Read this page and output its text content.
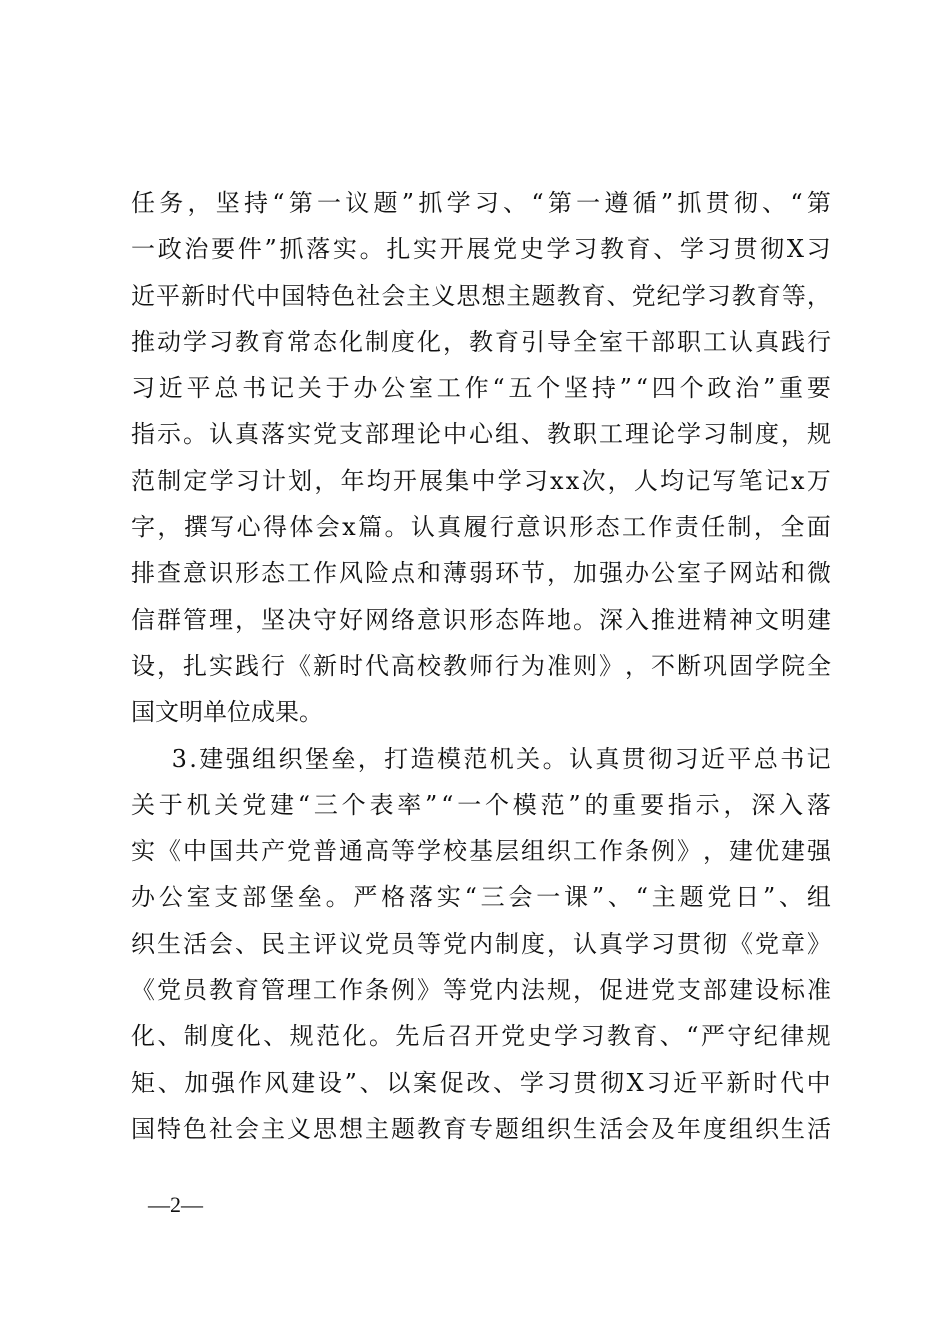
任 务 ， 坚 持 “ 第 一 议 题 ” 抓 学 习 、 “ 第 一 遵 循 ” 抓 贯 彻 、 “ 第
一 政 治 要 件 ” 抓 落 实 。 扎 实 开 展 党 史 学 习 教 育 、 学 习 贯 彻 X 习
近 平 新 时 代 中 国 特 色 社 会 主 义 思 想 主 题 教 育 、 党 纪 学 习 教 育 等 ，
推 动 学 习 教 育 常 态 化 制 度 化 ， 教 育 引 导 全 室 干 部 职 工 认 真 践 行
习 近 平 总 书 记 关 于 办 公 室 工 作 “ 五 个 坚 持 ” “ 四 个 政 治 ” 重 要
指 示 。 认 真 落 实 党 支 部 理 论 中 心 组 、 教 职 工 理 论 学 习 制 度 ， 规
范 制 定 学 习 计 划 ， 年 均 开 展 集 中 学 习 x x 次 ， 人 均 记 写 笔 记 x 万
字 ， 撰 写 心 得 体 会 x 篇 。 认 真 履 行 意 识 形 态 工 作 责 任 制 ， 全 面
排 查 意 识 形 态 工 作 风 险 点 和 薄 弱 环 节 ， 加 强 办 公 室 子 网 站 和 微
信 群 管 理 ， 坚 决 守 好 网 络 意 识 形 态 阵 地 。 深 入 推 进 精 神 文 明 建
设 ， 扎 实 践 行 《 新 时 代 高 校 教 师 行 为 准 则 》 ， 不 断 巩 固 学 院 全
国文明单位成果。

3 . 建 强 组 织 堡 垒 ， 打 造 模 范 机 关 。 认 真 贯 彻 习 近 平 总 书 记
关 于 机 关 党 建 “ 三 个 表 率 ” “ 一 个 模 范 ” 的 重 要 指 示 ， 深 入 落
实 《 中 国 共 产 党 普 通 高 等 学 校 基 层 组 织 工 作 条 例 》 ， 建 优 建 强
办 公 室 支 部 堡 垒 。 严 格 落 实 “ 三 会 一 课 ” 、 “ 主 题 党 日 ” 、 组
织 生 活 会 、 民 主 评 议 党 员 等 党 内 制 度 ， 认 真 学 习 贯 彻 《 党 章 》
《 党 员 教 育 管 理 工 作 条 例 》 等 党 内 法 规 ， 促 进 党 支 部 建 设 标 准
化 、 制 度 化 、 规 范 化 。 先 后 召 开 党 史 学 习 教 育 、 “ 严 守 纪 律 规
矩 、 加 强 作 风 建 设 ” 、 以 案 促 改 、 学 习 贯 彻 X 习 近 平 新 时 代 中
国 特 色 社 会 主 义 思 想 主 题 教 育 专 题 组 织 生 活 会 及 年 度 组 织 生 活
—2—
